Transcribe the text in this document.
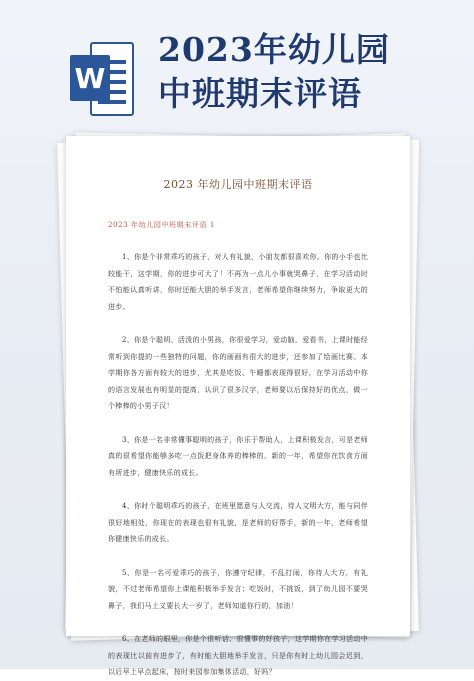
W
2023年幼儿园
中班期末评语
2023 年幼儿园中班期末评语
2023 年幼儿园中班期末评语 1

1、你是个非常乖巧的孩子，对人有礼貌，小朋友都很喜欢你。你的小手也比较能干，这学期，你的进步可大了！不再为一点儿小事就哭鼻子，在学习活动时不怕能认真听讲，你时还能大胆的举手发言，老师希望你继续努力，争取更大的进步。

2、你是个聪明、活泼的小男孩，你很爱学习，爱动脑，爱看书，上课时能经常听到你提的一些独特的问题，你的画画有很大的进步，还参加了绘画比赛。本学期你各方面有较大的进步，尤其是吃饭、午睡都表现得很好，在学习活动中你的语言发展也有明显的提高，认识了很多汉字，老师要以后保持好的优点，做一个棒棒的小男子汉！

3、你是一名非常懂事聪明的孩子，你乐于帮助人，上课积极发言，可是老师真的很希望你能够多吃一点饭把身体养的棒棒的。新的一年，希望你在饮食方面有所进步，健康快乐的成长。

4、你时个聪明乖巧的孩子，在班里愿意与人交流，待人文明大方，能与同伴很好地相处，你现在的表现也很有礼貌，是老师的好帮手，新的一年，老师希望你健康快乐的成长。

5、你是一名可爱乖巧的孩子，你遵守纪律，不乱打闹，你待人大方，有礼貌，不过老师希望你上课能积极举手发言；吃饭时，不挑饭，到了幼儿园不要哭鼻子，我们马上又要长大一岁了，老师知道你行的，加油！

6、在老师的眼里，你是个很听话、很懂事的好孩子，这学期你在学习活动中的表现比以前有进步了，有时能大胆地举手发言，只是你有时上幼儿园会迟到，以后早上早点起床，按时来园参加集体活动，好吗？
